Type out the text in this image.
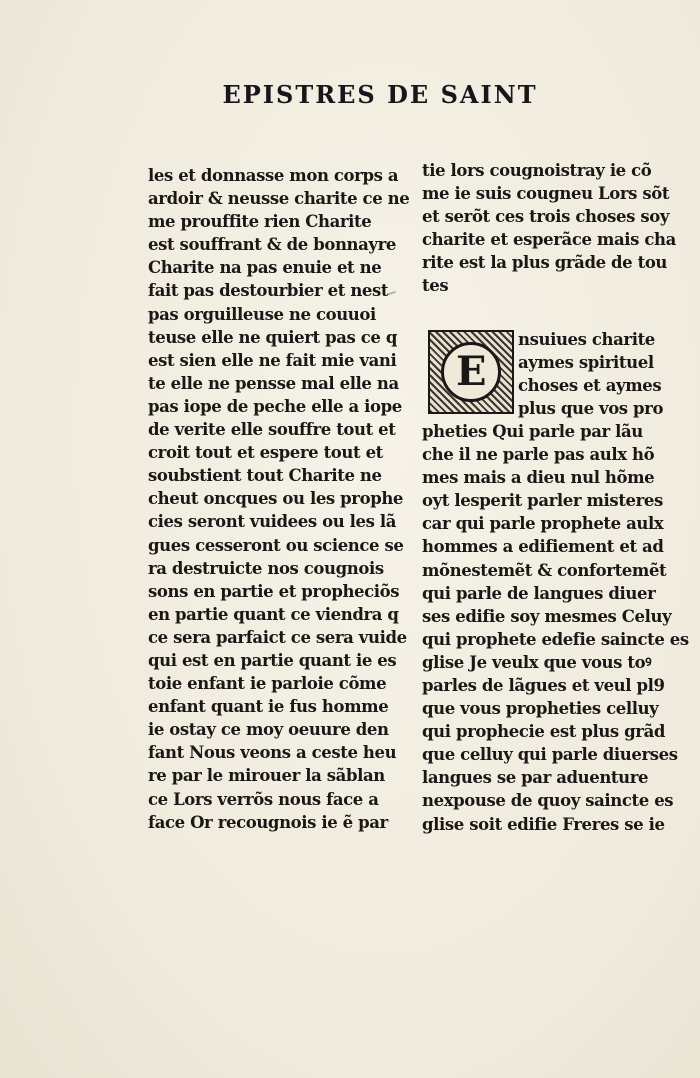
EPISTRES DE SAINT
les et donnasse mon corps a
ardoir & neusse charite ce ne
me prouffite rien Charite
est souffrant & de bonnayre
Charite na pas enuie et ne
fait pas destourbier et nest
pas orguilleuse ne couuoi
teuse elle ne quiert pas ce q
est sien elle ne fait mie vani
te elle ne pensse mal elle na
pas iope de peche elle a iope
de verite elle souffre tout et
croit tout et espere tout et
soubstient tout Charite ne
cheut oncques ou les prophe
cies seront vuidees ou les lã
gues cesseront ou science se
ra destruicte nos cougnois
sons en partie et propheciõs
en partie quant ce viendra q
ce sera parfaict ce sera vuide
qui est en partie quant ie es
toie enfant ie parloie cõme
enfant quant ie fus homme
ie ostay ce moy oeuure den
fant Nous veons a ceste heu
re par le mirouer la sãblan
ce Lors verrõs nous face a
face Or recougnois ie ẽ par
tie lors cougnoistray ie cõ
me ie suis cougneu Lors sõt
et serõt ces trois choses soy
charite et esperãce mais cha
rite est la plus grãde de tou
tes
E
nsuiues charite
aymes spirituel
choses et aymes
plus que vos pro
pheties Qui parle par lãu
che il ne parle pas aulx hõ
mes mais a dieu nul hõme
oyt lesperit parler misteres
car qui parle prophete aulx
hommes a edifiement et ad
mõnestemẽt & confortemẽt
qui parle de langues diuer
ses edifie soy mesmes Celuy
qui prophete edefie saincte es
glise Je veulx que vous toꝰ
parles de lãgues et veul pl9
que vous propheties celluy
qui prophecie est plus grãd
que celluy qui parle diuerses
langues se par aduenture
nexpouse de quoy saincte es
glise soit edifie Freres se ie
